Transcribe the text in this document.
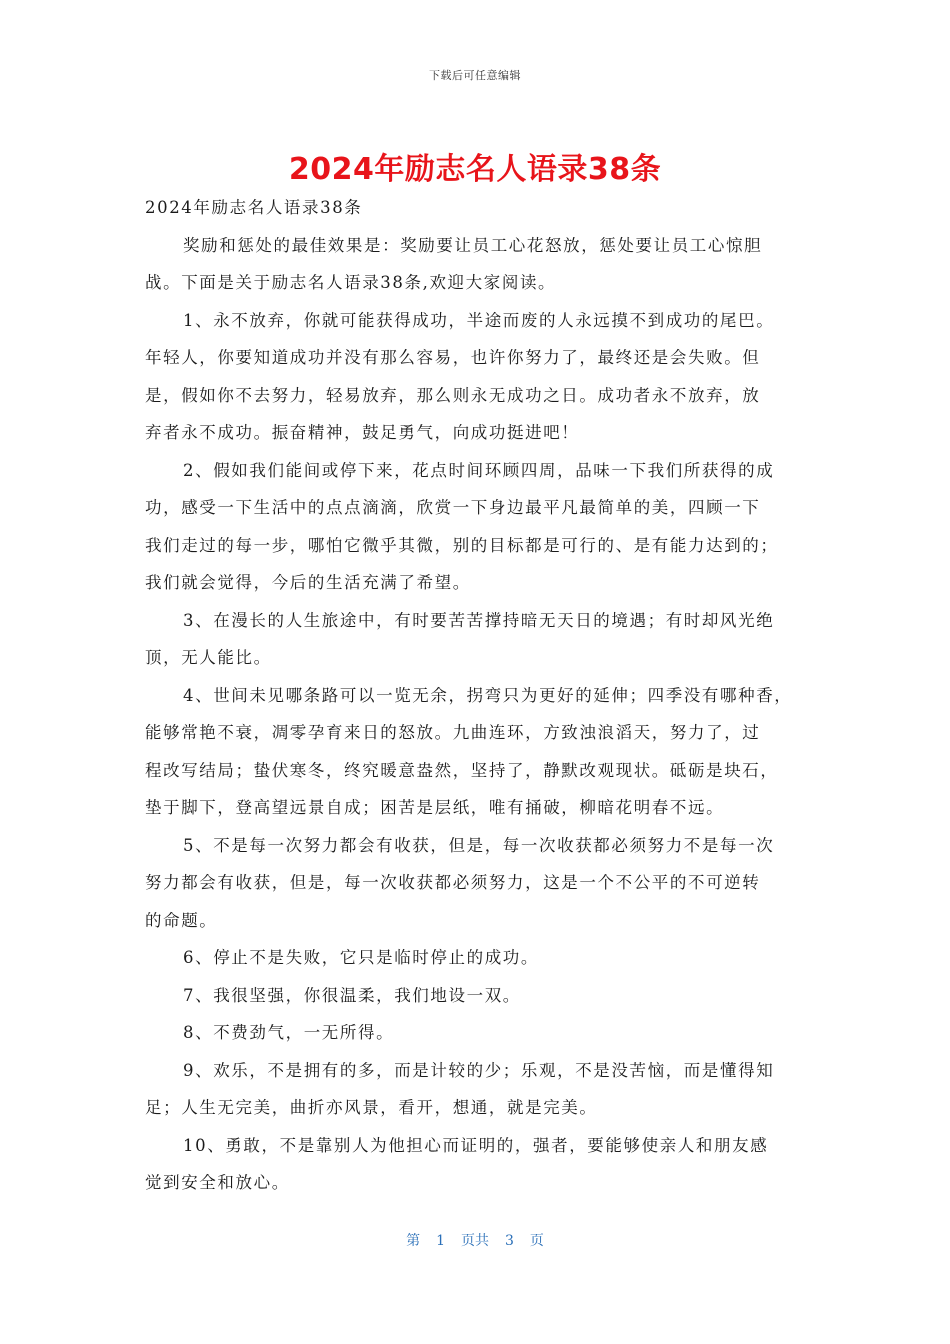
下载后可任意编辑
2024年励志名人语录38条
2024年励志名人语录38条
奖励和惩处的最佳效果是：奖励要让员工心花怒放，惩处要让员工心惊胆
战。下面是关于励志名人语录38条,欢迎大家阅读。
1、永不放弃，你就可能获得成功，半途而废的人永远摸不到成功的尾巴。
年轻人，你要知道成功并没有那么容易，也许你努力了，最终还是会失败。但
是，假如你不去努力，轻易放弃，那么则永无成功之日。成功者永不放弃，放
弃者永不成功。振奋精神，鼓足勇气，向成功挺进吧！
2、假如我们能间或停下来，花点时间环顾四周，品味一下我们所获得的成
功，感受一下生活中的点点滴滴，欣赏一下身边最平凡最简单的美，四顾一下
我们走过的每一步，哪怕它微乎其微，别的目标都是可行的、是有能力达到的；
我们就会觉得，今后的生活充满了希望。
3、在漫长的人生旅途中，有时要苦苦撑持暗无天日的境遇；有时却风光绝
顶，无人能比。
4、世间未见哪条路可以一览无余，拐弯只为更好的延伸；四季没有哪种香，
能够常艳不衰，凋零孕育来日的怒放。九曲连环，方致浊浪滔天，努力了，过
程改写结局；蛰伏寒冬，终究暖意盎然，坚持了，静默改观现状。砥砺是块石，
垫于脚下，登高望远景自成；困苦是层纸，唯有捅破，柳暗花明春不远。
5、不是每一次努力都会有收获，但是，每一次收获都必须努力不是每一次
努力都会有收获，但是，每一次收获都必须努力，这是一个不公平的不可逆转
的命题。
6、停止不是失败，它只是临时停止的成功。
7、我很坚强，你很温柔，我们地设一双。
8、不费劲气，一无所得。
9、欢乐，不是拥有的多，而是计较的少；乐观，不是没苦恼，而是懂得知
足；人生无完美，曲折亦风景，看开，想通，就是完美。
10、勇敢，不是靠别人为他担心而证明的，强者，要能够使亲人和朋友感
觉到安全和放心。
第 1 页共 3 页
